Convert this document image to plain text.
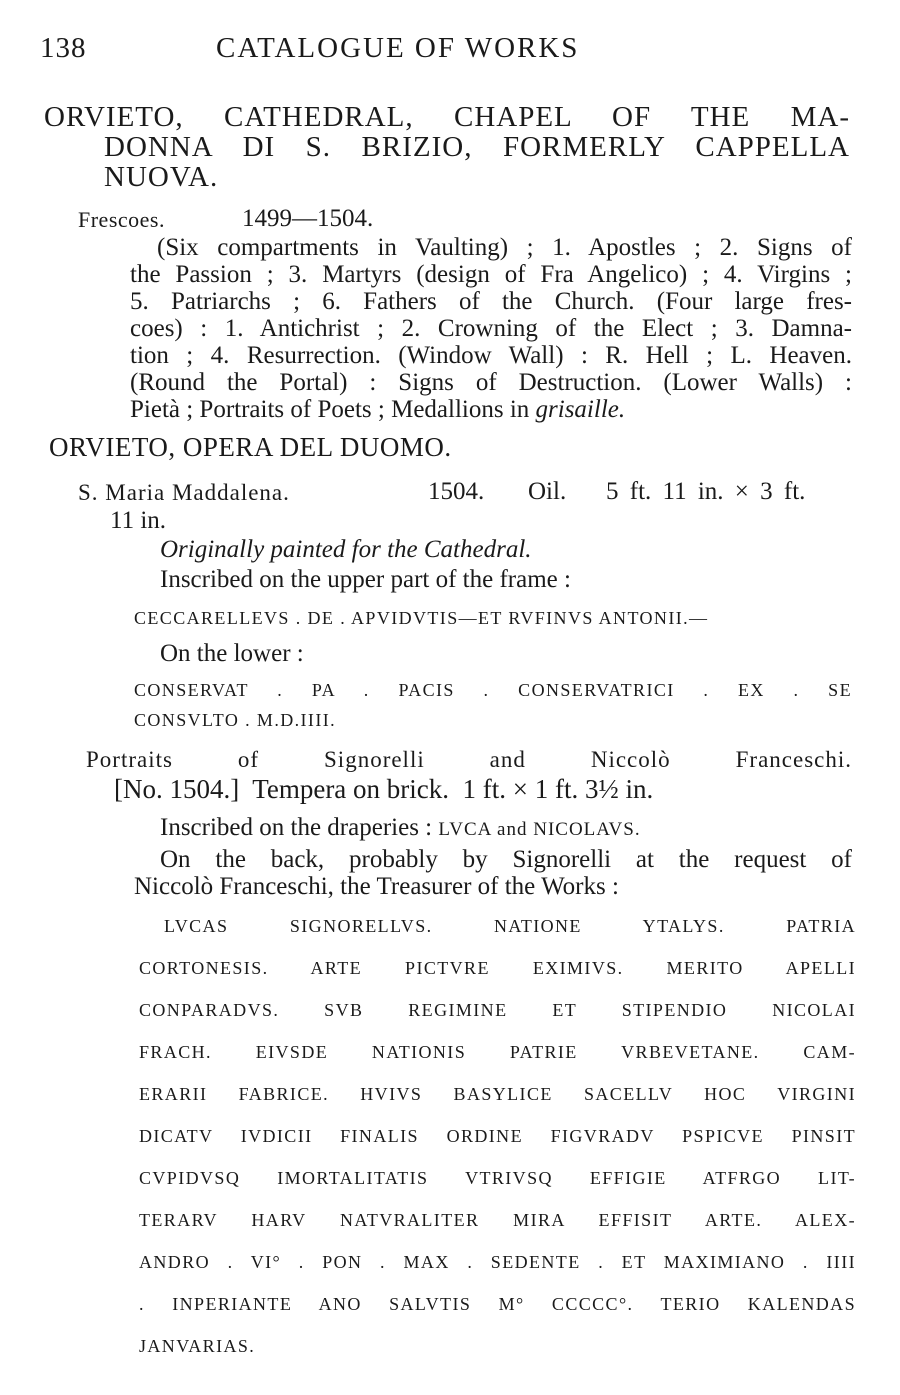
138	CATALOGUE OF WORKS
ORVIETO, CATHEDRAL, CHAPEL OF THE MA-
DONNA DI S. BRIZIO, FORMERLY CAPPELLA
NUOVA.
Frescoes.	1499—1504.
(Six compartments in Vaulting) ; 1. Apostles ; 2. Signs of
the Passion ; 3. Martyrs (design of Fra Angelico) ; 4. Virgins ;
5. Patriarchs ; 6. Fathers of the Church. (Four large fres-
coes) : 1. Antichrist ; 2. Crowning of the Elect ; 3. Damna-
tion ; 4. Resurrection. (Window Wall) : R. Hell ; L. Heaven.
(Round the Portal) : Signs of Destruction. (Lower Walls) :
Pietà ; Portraits of Poets ; Medallions in grisaille.
ORVIETO, OPERA DEL DUOMO.
S. Maria Maddalena.	1504. Oil. 5 ft. 11 in. × 3 ft.
11 in.
Originally painted for the Cathedral.
Inscribed on the upper part of the frame :
CECCARELLEVS . DE . APVIDVTIS—ET RVFINVS ANTONII.—
On the lower :
CONSERVAT . PA . PACIS . CONSERVATRICI . EX . SE
CONSVLTO . M.D.IIII.
Portraits of Signorelli and Niccolò Franceschi.
[No. 1504.]  Tempera on brick.  1 ft. × 1 ft. 3½ in.
Inscribed on the draperies : LVCA and NICOLAVS.
On the back, probably by Signorelli at the request of
Niccolò Franceschi, the Treasurer of the Works :
LVCAS SIGNORELLVS. NATIONE YTALYS. PATRIA
CORTONESIS. ARTE PICTVRE EXIMIVS. MERITO APELLI
CONPARADVS. SVB REGIMINE ET STIPENDIO NICOLAI
FRACH. EIVSDE NATIONIS PATRIE VRBEVETANE. CAM-
ERARII FABRICE. HVIVS BASYLICE SACELLV HOC VIRGINI
DICATV IVDICII FINALIS ORDINE FIGVRADV PSPICVE PINSIT
CVPIDVSQ IMORTALITATIS VTRIVSQ EFFIGIE ATFRGO LIT-
TERARV HARV NATVRALITER MIRA EFFISIT ARTE. ALEX-
ANDRO . VI° . PON . MAX . SEDENTE . ET MAXIMIANO . IIII
. INPERIANTE ANO SALVTIS M° CCCCC°. TERIO KALENDAS
JANVARIAS.
